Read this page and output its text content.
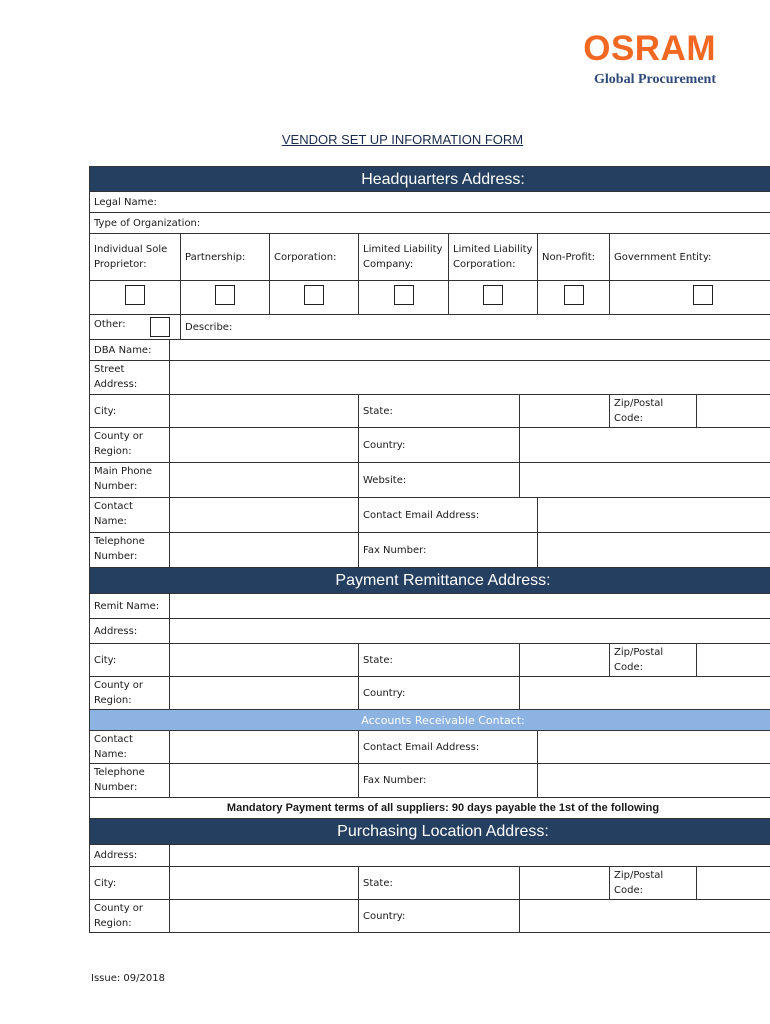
OSRAM
Global Procurement
VENDOR SET UP INFORMATION FORM
Headquarters Address:									
Legal Name:									
Type of Organization:									
Individual Sole Proprietor:		Partnership:	Corporation:	Limited Liability Company:	Limited Liability Corporation:		Non-Profit:	Government Entity:	

Other:		Describe:							
DBA Name:									
Street Address:									
City:				State:				Zip/Postal Code:	
County or Region:				Country:					
Main Phone Number:				Website:					
Contact Name:				Contact Email Address:					
Telephone Number:				Fax Number:					
Payment Remittance Address:									
Remit Name:									
Address:									
City:				State:				Zip/Postal Code:	
County or Region:				Country:					
Accounts Receivable Contact:									
Contact Name:				Contact Email Address:					
Telephone Number:				Fax Number:					
Mandatory Payment terms of all suppliers: 90 days payable the 1st of the following									
Purchasing Location Address:									
Address:									
City:				State:				Zip/Postal Code:	
County or Region:				Country:					
Issue: 09/2018
